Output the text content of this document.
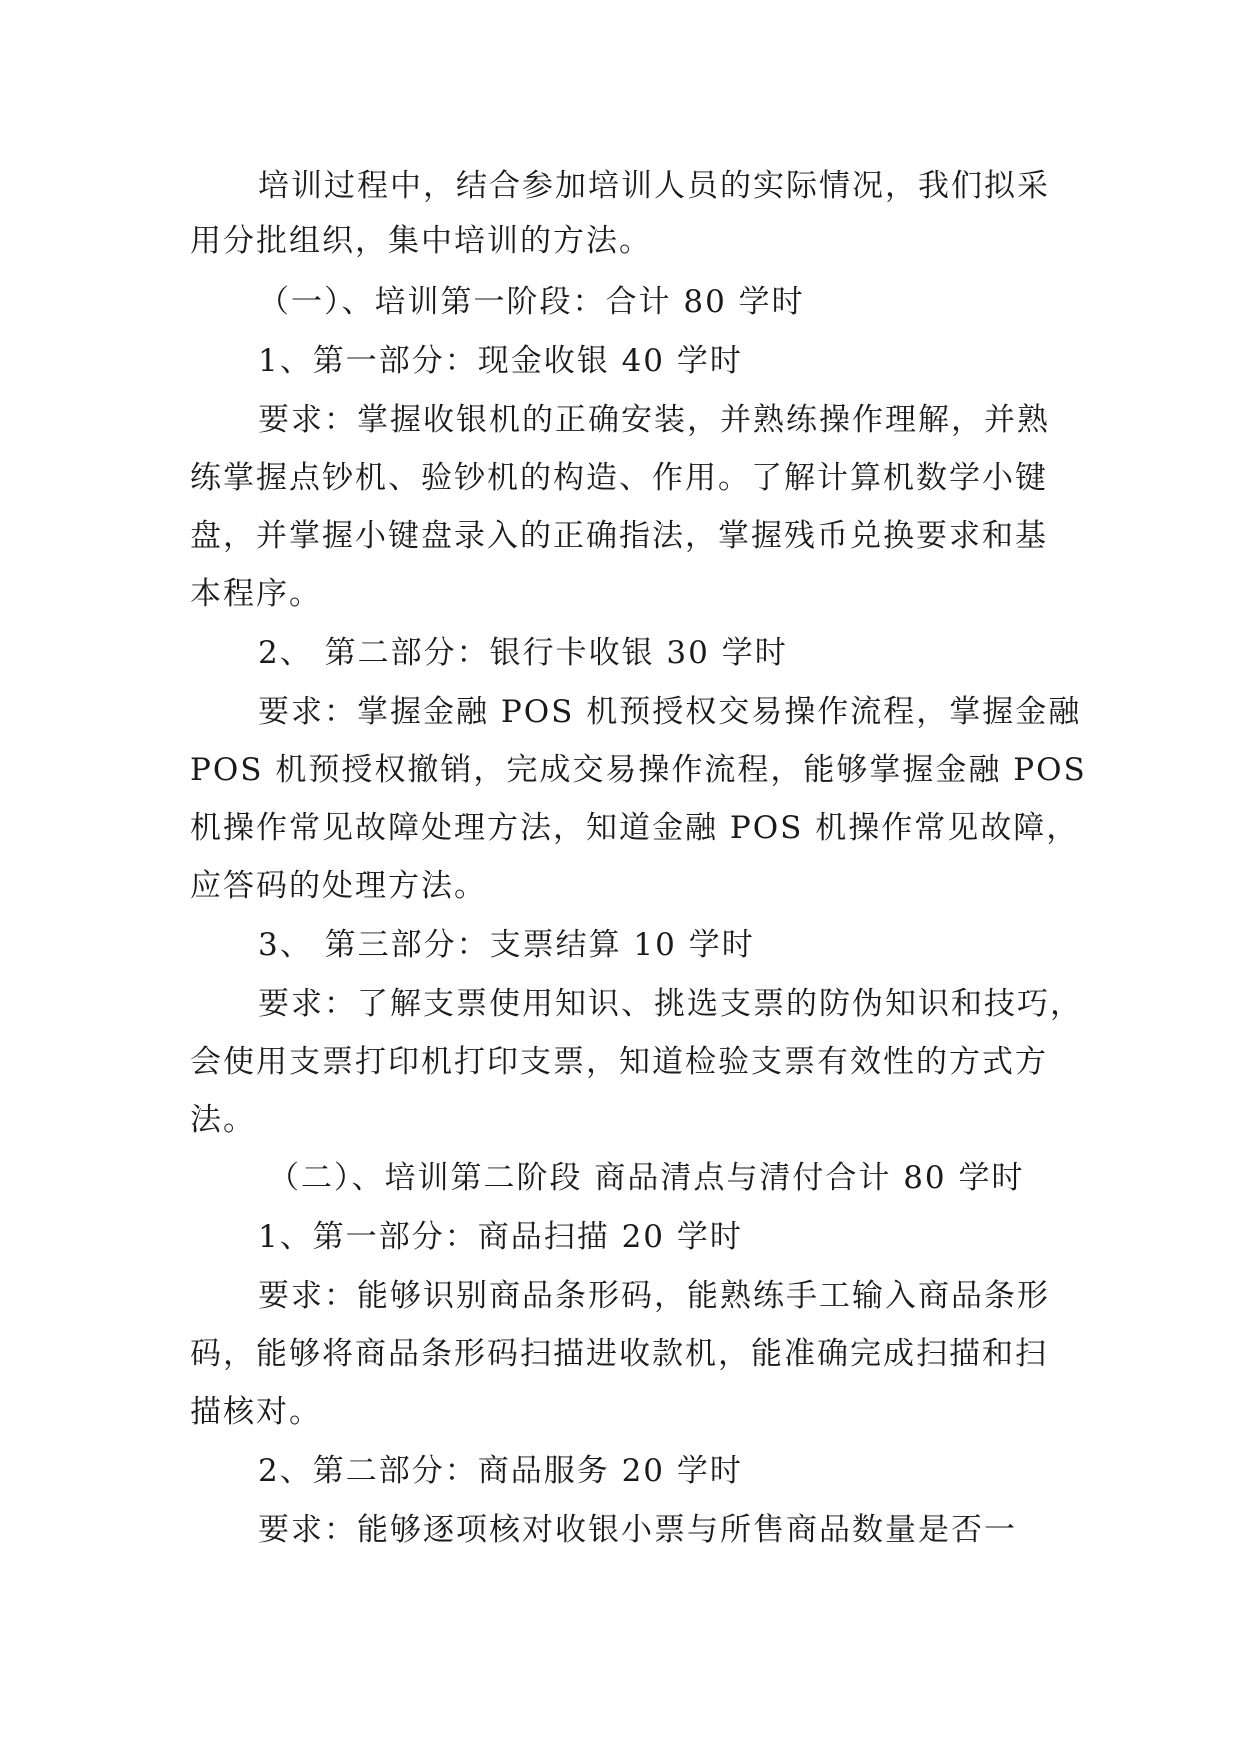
培训过程中，结合参加培训人员的实际情况，我们拟采
用分批组织，集中培训的方法。
（一）、培训第一阶段：合计 80 学时
1、第一部分：现金收银 40 学时
要求：掌握收银机的正确安装，并熟练操作理解，并熟
练掌握点钞机、验钞机的构造、作用。了解计算机数学小键
盘，并掌握小键盘录入的正确指法，掌握残币兑换要求和基
本程序。
2、 第二部分：银行卡收银 30 学时
要求：掌握金融 POS 机预授权交易操作流程，掌握金融
POS 机预授权撤销，完成交易操作流程，能够掌握金融 POS
机操作常见故障处理方法，知道金融 POS 机操作常见故障，
应答码的处理方法。
3、 第三部分：支票结算 10 学时
要求：了解支票使用知识、挑选支票的防伪知识和技巧，
会使用支票打印机打印支票，知道检验支票有效性的方式方
法。
（二）、培训第二阶段 商品清点与清付合计 80 学时
1、第一部分：商品扫描 20 学时
要求：能够识别商品条形码，能熟练手工输入商品条形
码，能够将商品条形码扫描进收款机，能准确完成扫描和扫
描核对。
2、第二部分：商品服务 20 学时
要求：能够逐项核对收银小票与所售商品数量是否一
